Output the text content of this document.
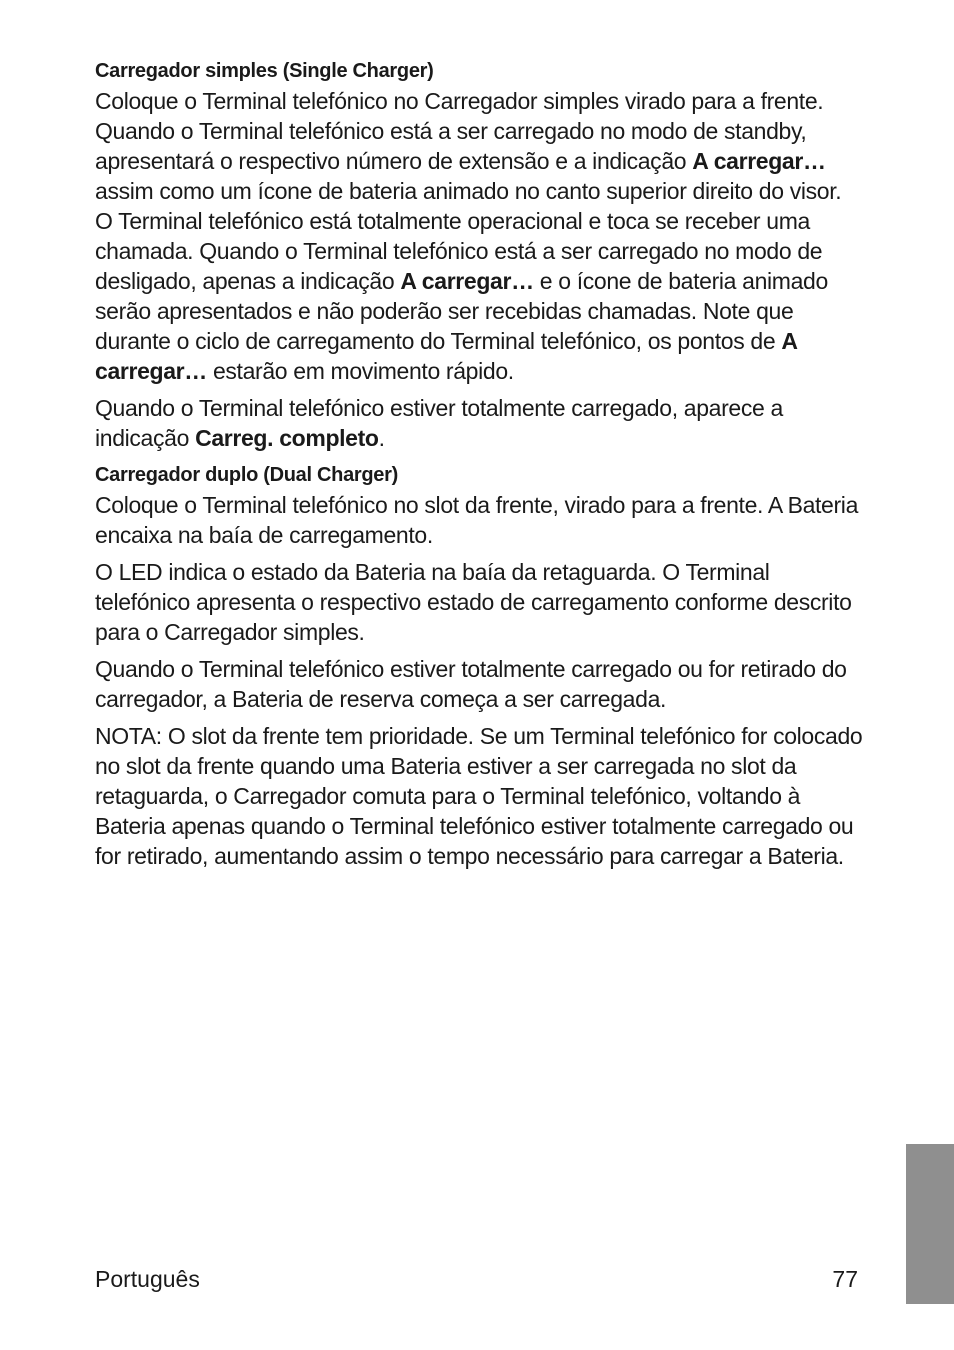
Carregador simples (Single Charger)

Coloque o Terminal telefónico no Carregador simples virado para a frente. Quando o Terminal telefónico está a ser carregado no modo de standby, apresentará o respectivo número de extensão e a indicação A carregar… assim como um ícone de bateria animado no canto superior direito do visor. O Terminal telefónico está totalmente operacional e toca se receber uma chamada. Quando o Terminal telefónico está a ser carregado no modo de desligado, apenas a indicação A carregar… e o ícone de bateria animado serão apresentados e não poderão ser recebidas chamadas. Note que durante o ciclo de carregamento do Terminal telefónico, os pontos de A carregar… estarão em movimento rápido.

Quando o Terminal telefónico estiver totalmente carregado, aparece a indicação Carreg. completo.

Carregador duplo (Dual Charger)

Coloque o Terminal telefónico no slot da frente, virado para a frente. A Bateria encaixa na baía de carregamento.

O LED indica o estado da Bateria na baía da retaguarda. O Terminal telefónico apresenta o respectivo estado de carregamento conforme descrito para o Carregador simples.

Quando o Terminal telefónico estiver totalmente carregado ou for retirado do carregador, a Bateria de reserva começa a ser carregada.

NOTA: O slot da frente tem prioridade. Se um Terminal telefónico for colocado no slot da frente quando uma Bateria estiver a ser carregada no slot da retaguarda, o Carregador comuta para o Terminal telefónico, voltando à Bateria apenas quando o Terminal telefónico estiver totalmente carregado ou for retirado, aumentando assim o tempo necessário para carregar a Bateria.

Português	77
